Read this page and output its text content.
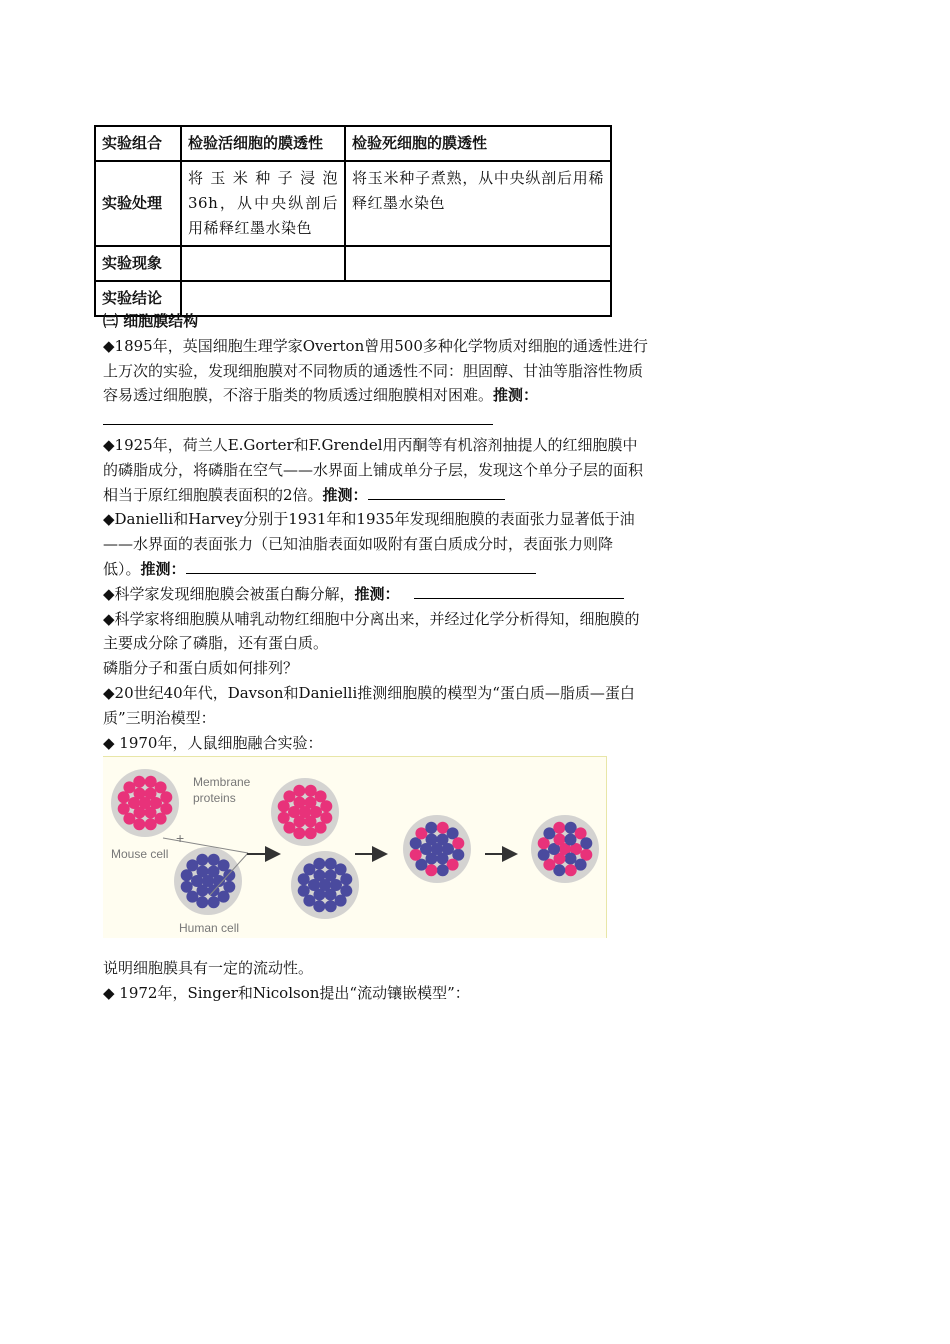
实验组合	检验活细胞的膜透性	检验死细胞的膜透性
实验处理	将玉米种子浸泡36h，从中央纵剖后用稀释红墨水染色	将玉米种子煮熟，从中央纵剖后用稀释红墨水染色
实验现象		
实验结论		

㈢ 细胞膜结构

◆1895年，英国细胞生理学家Overton曾用500多种化学物质对细胞的通透性进行上万次的实验，发现细胞膜对不同物质的通透性不同：胆固醇、甘油等脂溶性物质容易透过细胞膜，不溶于脂类的物质透过细胞膜相对困难。推测：

◆1925年，荷兰人E.Gorter和F.Grendel用丙酮等有机溶剂抽提人的红细胞膜中的磷脂成分，将磷脂在空气——水界面上铺成单分子层，发现这个单分子层的面积相当于原红细胞膜表面积的2倍。推测：

◆Danielli和Harvey分别于1931年和1935年发现细胞膜的表面张力显著低于油——水界面的表面张力（已知油脂表面如吸附有蛋白质成分时，表面张力则降低）。推测：

◆科学家发现细胞膜会被蛋白酶分解，推测：

◆科学家将细胞膜从哺乳动物红细胞中分离出来，并经过化学分析得知，细胞膜的主要成分除了磷脂，还有蛋白质。

磷脂分子和蛋白质如何排列？

◆20世纪40年代，Davson和Danielli推测细胞膜的模型为“蛋白质—脂质—蛋白质”三明治模型：

◆ 1970年，人鼠细胞融合实验：

Membrane
proteins
+
Mouse cell
Human cell

说明细胞膜具有一定的流动性。

◆ 1972年，Singer和Nicolson提出“流动镶嵌模型”：
